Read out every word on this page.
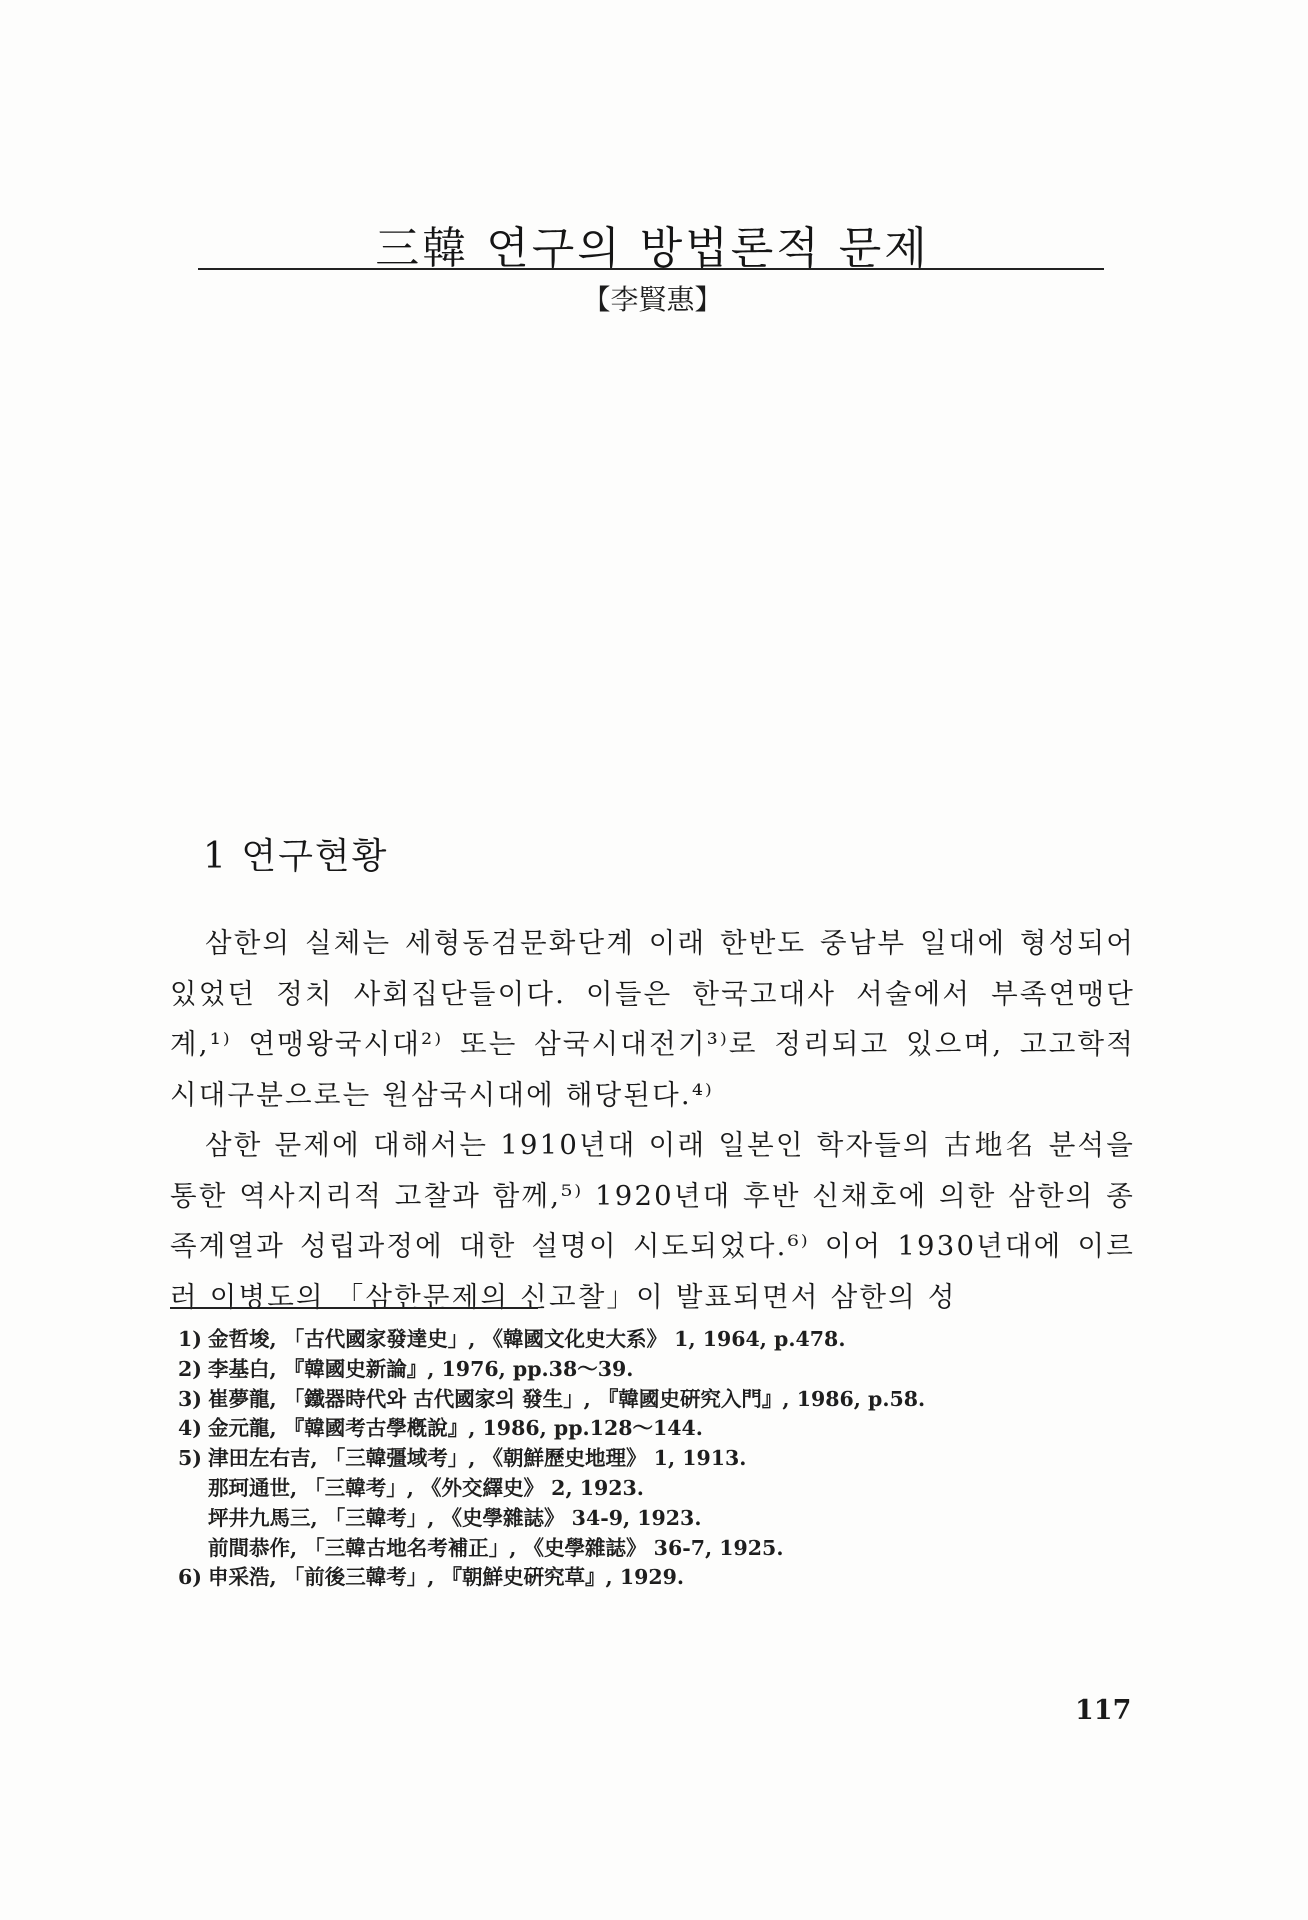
三韓 연구의 방법론적 문제
【李賢惠】
1 연구현황

삼한의 실체는 세형동검문화단계 이래 한반도 중남부 일대에 형성되어 있었던 정치 사회집단들이다. 이들은 한국고대사 서술에서 부족연맹단계,¹⁾ 연맹왕국시대²⁾ 또는 삼국시대전기³⁾로 정리되고 있으며, 고고학적 시대구분으로는 원삼국시대에 해당된다.⁴⁾

삼한 문제에 대해서는 1910년대 이래 일본인 학자들의 古地名 분석을 통한 역사지리적 고찰과 함께,⁵⁾ 1920년대 후반 신채호에 의한 삼한의 종족계열과 성립과정에 대한 설명이 시도되었다.⁶⁾ 이어 1930년대에 이르러 이병도의 「삼한문제의 신고찰」이 발표되면서 삼한의 성

1) 金哲埈, 「古代國家發達史」, 《韓國文化史大系》 1, 1964, p.478.
2) 李基白, 『韓國史新論』, 1976, pp.38～39.
3) 崔夢龍, 「鐵器時代와 古代國家의 發生」, 『韓國史硏究入門』, 1986, p.58.
4) 金元龍, 『韓國考古學槪說』, 1986, pp.128～144.
5) 津田左右吉, 「三韓彊域考」, 《朝鮮歷史地理》 1, 1913.
那珂通世, 「三韓考」, 《外交繹史》 2, 1923.
坪井九馬三, 「三韓考」, 《史學雜誌》 34-9, 1923.
前間恭作, 「三韓古地名考補正」, 《史學雜誌》 36-7, 1925.
6) 申采浩, 「前後三韓考」, 『朝鮮史硏究草』, 1929.
117
